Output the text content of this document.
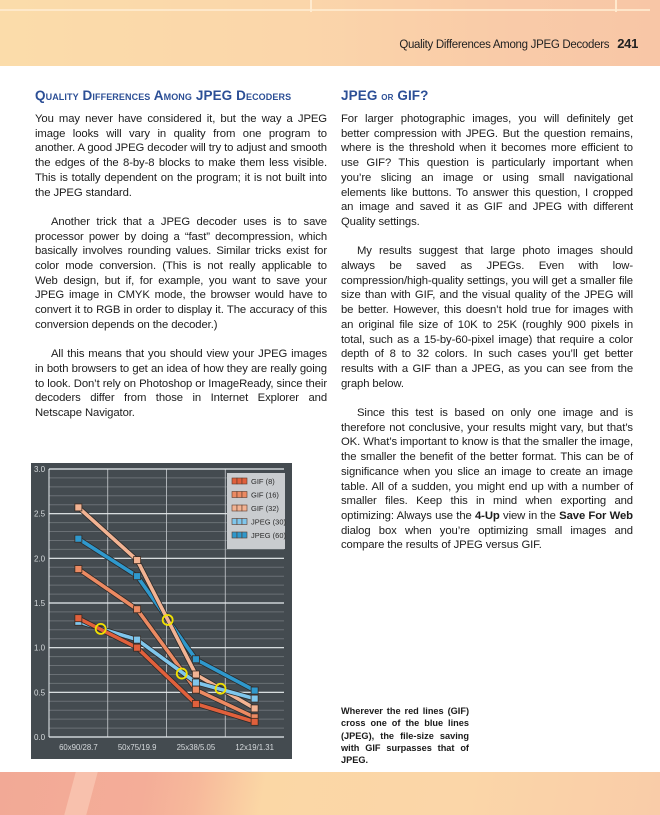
Quality Differences Among JPEG Decoders 241
Quality Differences Among JPEG Decoders

You may never have considered it, but the way a JPEG image looks will vary in quality from one program to another. A good JPEG decoder will try to adjust and smooth the edges of the 8-by-8 blocks to make them less visible. This is totally dependent on the program; it is not built into the JPEG standard.

Another trick that a JPEG decoder uses is to save processor power by doing a “fast” decompression, which basically involves rounding values. Similar tricks exist for color mode conversion. (This is not really applicable to Web design, but if, for example, you want to save your JPEG image in CMYK mode, the browser would have to convert it to RGB in order to display it. The accuracy of this conversion depends on the decoder.)

All this means that you should view your JPEG images in both browsers to get an idea of how they are really going to look. Don’t rely on Photoshop or ImageReady, since their decoders differ from those in Internet Explorer and Netscape Navigator.

JPEG or GIF?

For larger photographic images, you will definitely get better compression with JPEG. But the question remains, where is the threshold when it becomes more efficient to use GIF? This question is particularly important when you’re slicing an image or using small navigational elements like buttons. To answer this question, I cropped an image and saved it as GIF and JPEG with different Quality settings.

My results suggest that large photo images should always be saved as JPEGs. Even with low-compression/high-quality settings, you will get a smaller file size than with GIF, and the visual quality of the JPEG will be better. However, this doesn’t hold true for images with an original file size of 10K to 25K (roughly 900 pixels in total, such as a 15-by-60-pixel image) that require a color depth of 8 to 32 colors. In such cases you’ll get better results with a GIF than a JPEG, as you can see from the graph below.

Since this test is based on only one image and is therefore not conclusive, your results might vary, but that’s OK. What’s important to know is that the smaller the image, the smaller the benefit of the better format. This can be of significance when you slice an image to create an image table. All of a sudden, you might end up with a number of smaller files. Keep this in mind when exporting and optimizing: Always use the 4-Up view in the Save For Web dialog box when you’re optimizing small images and compare the results of JPEG versus GIF.

0.0
0.5
1.0
1.5
2.0
2.5
3.0
60x90/28.7	50x75/19.9	25x38/5.05	12x19/1.31
GIF (8)
GIF (16)
GIF (32)
JPEG (30)
JPEG (60)
Wherever the red lines (GIF) cross one of the blue lines (JPEG), the file-size saving with GIF surpasses that of JPEG.
